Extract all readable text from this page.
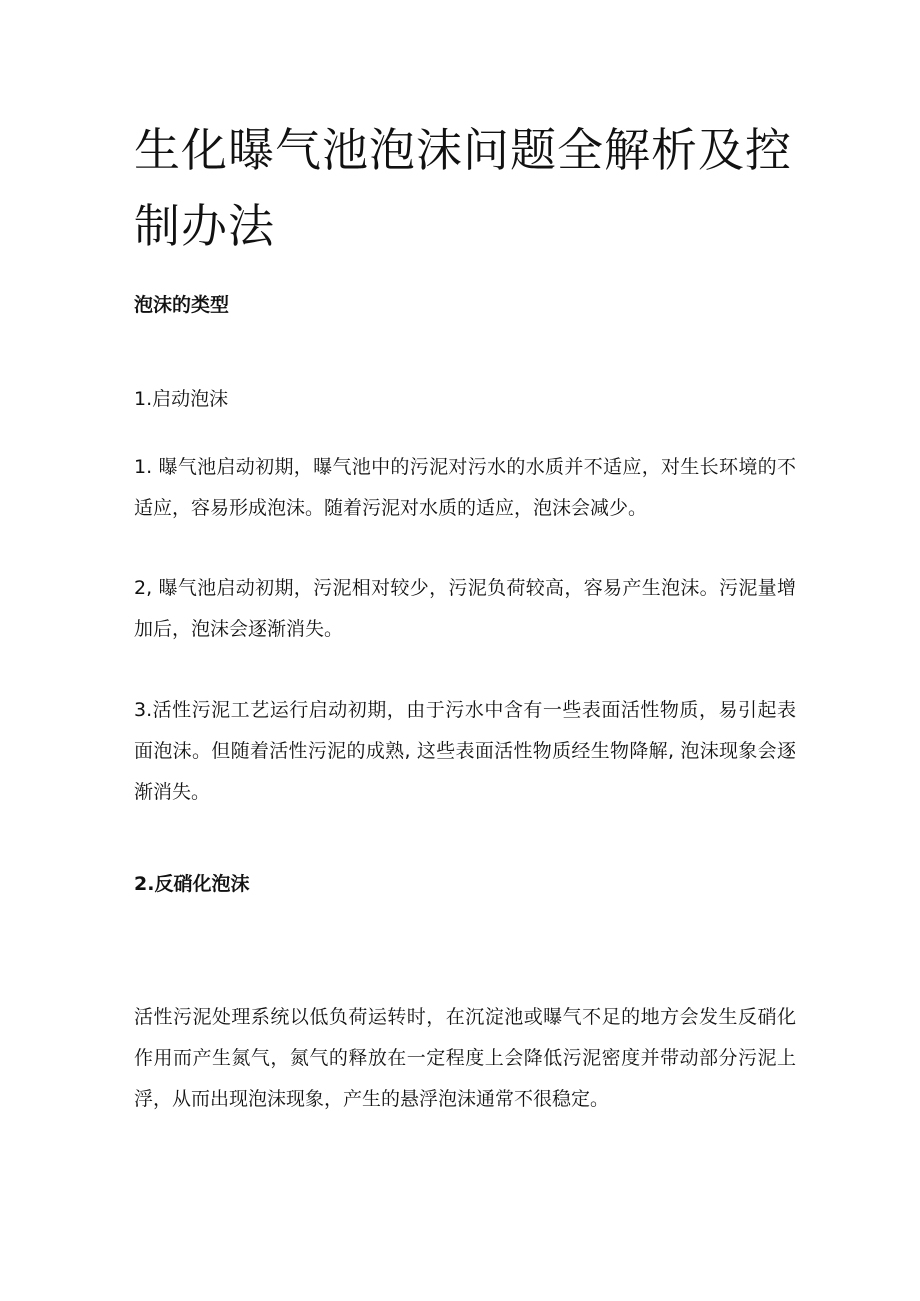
生化曝气池泡沫问题全解析及控制办法
泡沫的类型
1.启动泡沫

1. 曝气池启动初期，曝气池中的污泥对污水的水质并不适应，对生长环境的不适应，容易形成泡沫。随着污泥对水质的适应，泡沫会减少。

2, 曝气池启动初期，污泥相对较少，污泥负荷较高，容易产生泡沫。污泥量增加后，泡沫会逐渐消失。

3.活性污泥工艺运行启动初期，由于污水中含有一些表面活性物质，易引起表面泡沫。但随着活性污泥的成熟, 这些表面活性物质经生物降解, 泡沫现象会逐渐消失。

2.反硝化泡沫

活性污泥处理系统以低负荷运转时，在沉淀池或曝气不足的地方会发生反硝化作用而产生氮气，氮气的释放在一定程度上会降低污泥密度并带动部分污泥上浮，从而出现泡沫现象，产生的悬浮泡沫通常不很稳定。
